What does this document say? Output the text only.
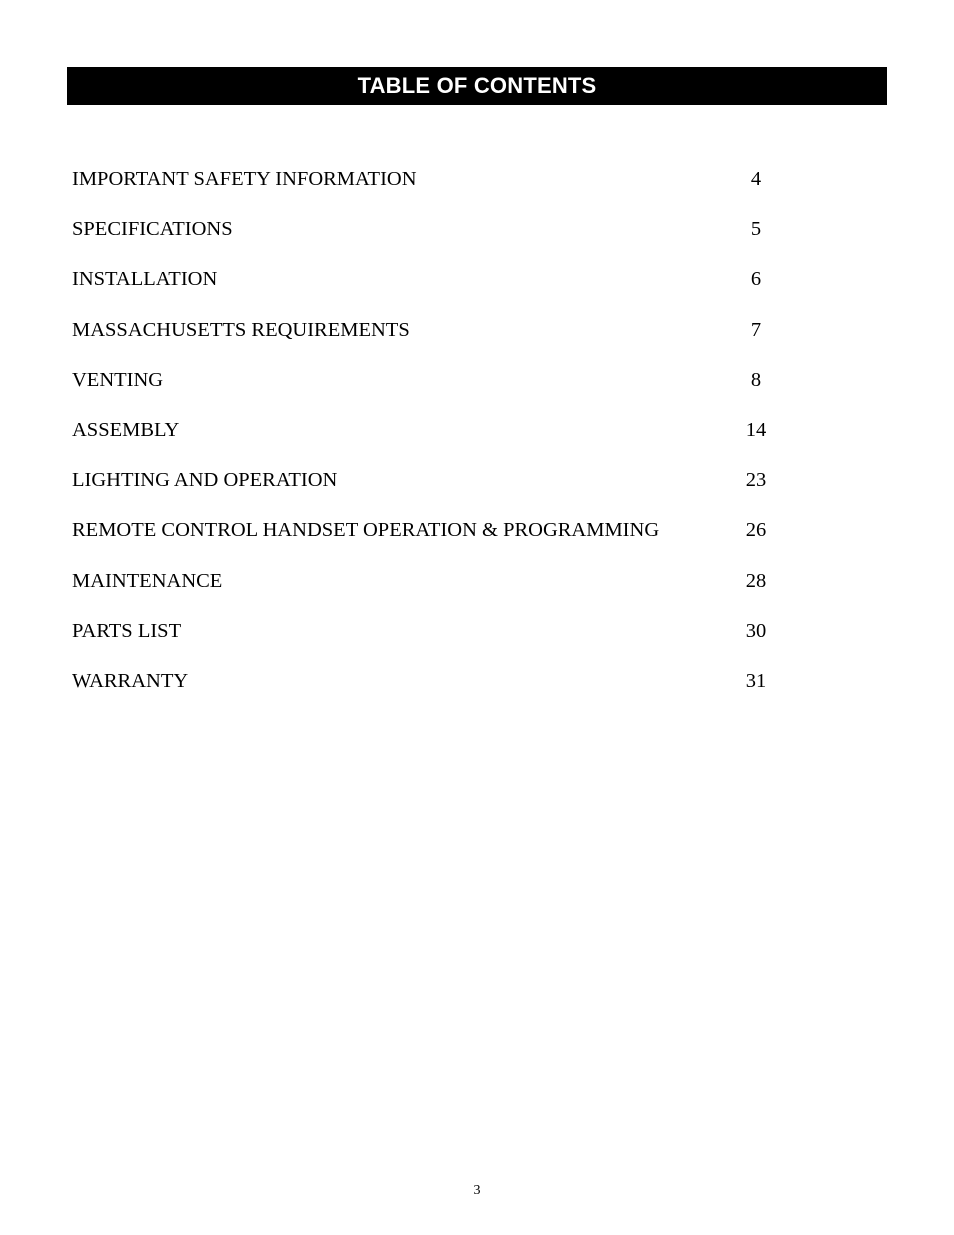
TABLE OF CONTENTS
IMPORTANT SAFETY INFORMATION	4
SPECIFICATIONS	5
INSTALLATION	6
MASSACHUSETTS REQUIREMENTS	7
VENTING	8
ASSEMBLY	14
LIGHTING AND OPERATION	23
REMOTE CONTROL HANDSET OPERATION & PROGRAMMING	26
MAINTENANCE	28
PARTS LIST	30
WARRANTY	31
3
